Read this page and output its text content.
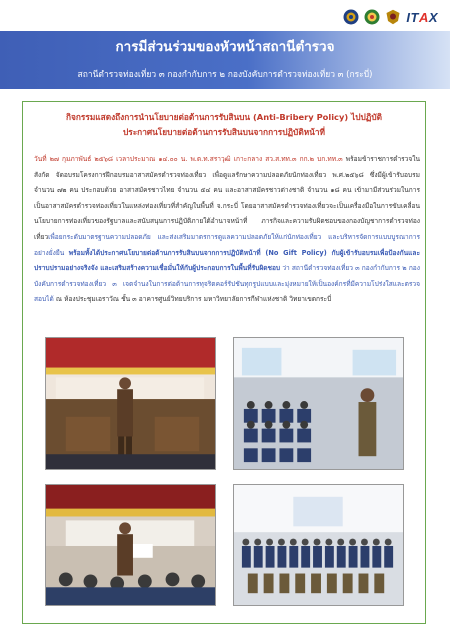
ITAX
การมีส่วนร่วมของหัวหน้าสถานีตำรวจ
สถานีตำรวจท่องเที่ยว ๓ กองกำกับการ ๒ กองบังคับการตำรวจท่องเที่ยว ๓ (กระบี่)
กิจกรรมแสดงถึงการนำนโยบายต่อต้านการรับสินบน (Anti-Bribery Policy) ไปปฏิบัติ
ประกาศนโยบายต่อต้านการรับสินบนจากการปฏิบัติหน้าที่
วันที่ ๒๗ กุมภาพันธ์ ๒๕๖๘ เวลาประมาณ ๑๔.๐๐ น. พ.ต.ท.สราวุฒิ เกาะกลาง สว.ส.ทท.๓ กก.๒ บก.ทท.๓ พร้อมข้าราชการตำรวจในสังกัด จัดอบรมโครงการฝึกอบรมอาสาสมัครตำรวจท่องเที่ยว เพื่อดูแลรักษาความปลอดภัยนักท่องเที่ยว พ.ศ.๒๕๖๘ ซึ่งมีผู้เข้ารับอบรมจำนวน ๗๒ คน ประกอบด้วย อาสาสมัครชาวไทย จำนวน ๕๔ คน และอาสาสมัครชาวต่างชาติ จำนวน ๑๘ คน เข้ามามีส่วนร่วมในการเป็นอาสาสมัครตำรวจท่องเที่ยวในแหล่งท่องเที่ยวที่สำคัญในพื้นที่ จ.กระบี่ โดยอาสาสมัครตำรวจท่องเที่ยวจะเป็นเครื่องมือในการขับเคลื่อนนโยบายการท่องเที่ยวของรัฐบาลและสนับสนุนการปฏิบัติภายใต้อำนาจหน้าที่ ภารกิจและความรับผิดชอบของกองบัญชาการตำรวจท่องเที่ยวเพื่อยกระดับมาตรฐานความปลอดภัย และส่งเสริมมาตรการดูแลความปลอดภัยให้แก่นักท่องเที่ยว และบริหารจัดการแบบบูรณาการอย่างยั่งยืน พร้อมทั้งได้ประกาศนโยบายต่อต้านการรับสินบนจากการปฏิบัติหน้าที่ (No Gift Policy) กับผู้เข้ารับอบรมเพื่อป้องกันและปราบปรามอย่างจริงจัง และเสริมสร้างความเชื่อมั่นให้กับผู้ประกอบการในพื้นที่รับผิดชอบ ว่า สถานีตำรวจท่องเที่ยว ๓ กองกำกับการ ๒ กองบังคับการตำรวจท่องเที่ยว ๓ เจตจำนงในการต่อต้านการทุจริตคอร์รัปชันทุกรูปแบบและมุ่งหมายให้เป็นองค์กรที่มีความโปร่งใสและตรวจสอบได้ ณ ห้องประชุมเอราวัณ ชั้น ๓ อาคารศูนย์วิทยบริการ มหาวิทยาลัยการกีฬาแห่งชาติ วิทยาเขตกระบี่
